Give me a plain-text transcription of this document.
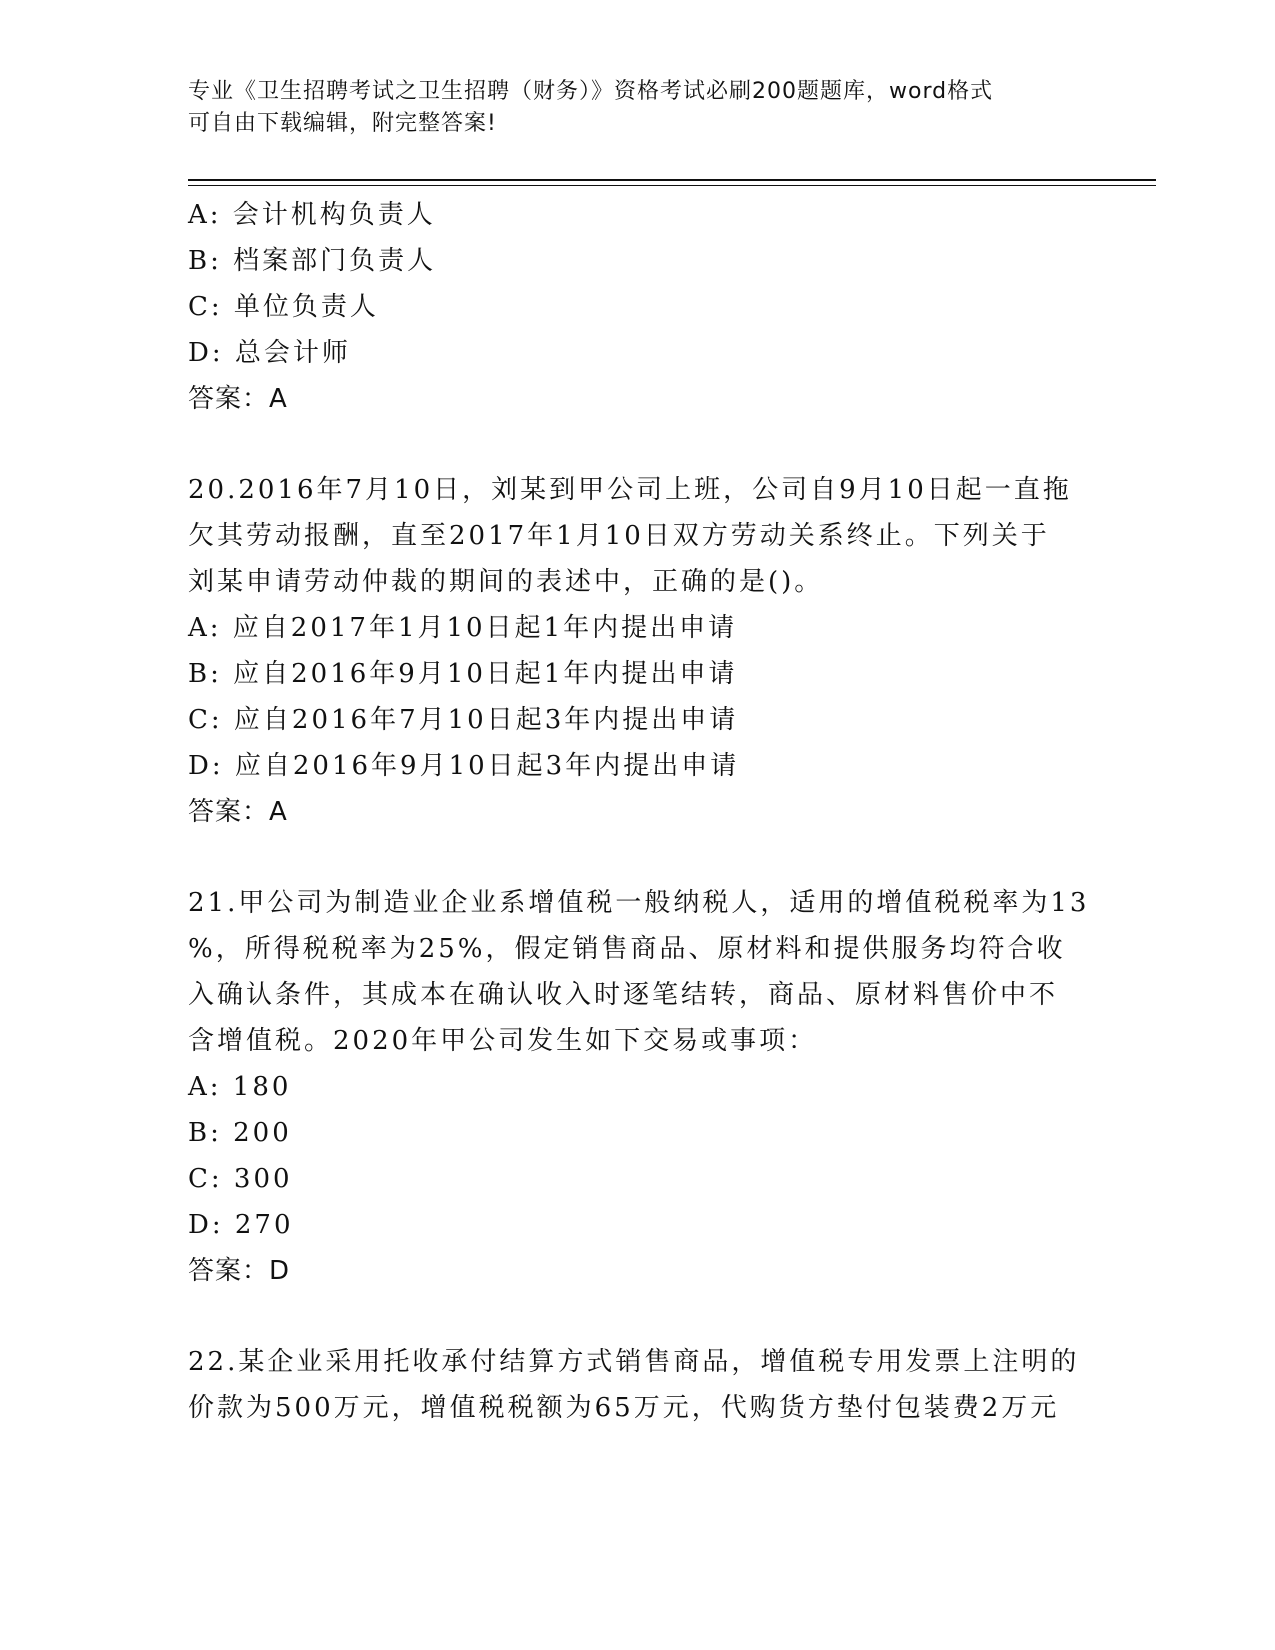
专业《卫生招聘考试之卫生招聘（财务）》资格考试必刷200题题库，word格式
可自由下载编辑，附完整答案!
A: 会计机构负责人
B: 档案部门负责人
C: 单位负责人
D: 总会计师
答案：A
20.2016年7月10日，刘某到甲公司上班，公司自9月10日起一直拖
欠其劳动报酬，直至2017年1月10日双方劳动关系终止。下列关于
刘某申请劳动仲裁的期间的表述中，正确的是()。
A: 应自2017年1月10日起1年内提出申请
B: 应自2016年9月10日起1年内提出申请
C: 应自2016年7月10日起3年内提出申请
D: 应自2016年9月10日起3年内提出申请
答案：A
21.甲公司为制造业企业系增值税一般纳税人，适用的增值税税率为13
%，所得税税率为25%，假定销售商品、原材料和提供服务均符合收
入确认条件，其成本在确认收入时逐笔结转，商品、原材料售价中不
含增值税。2020年甲公司发生如下交易或事项：
A: 180
B: 200
C: 300
D: 270
答案：D
22.某企业采用托收承付结算方式销售商品，增值税专用发票上注明的
价款为500万元，增值税税额为65万元，代购货方垫付包装费2万元
